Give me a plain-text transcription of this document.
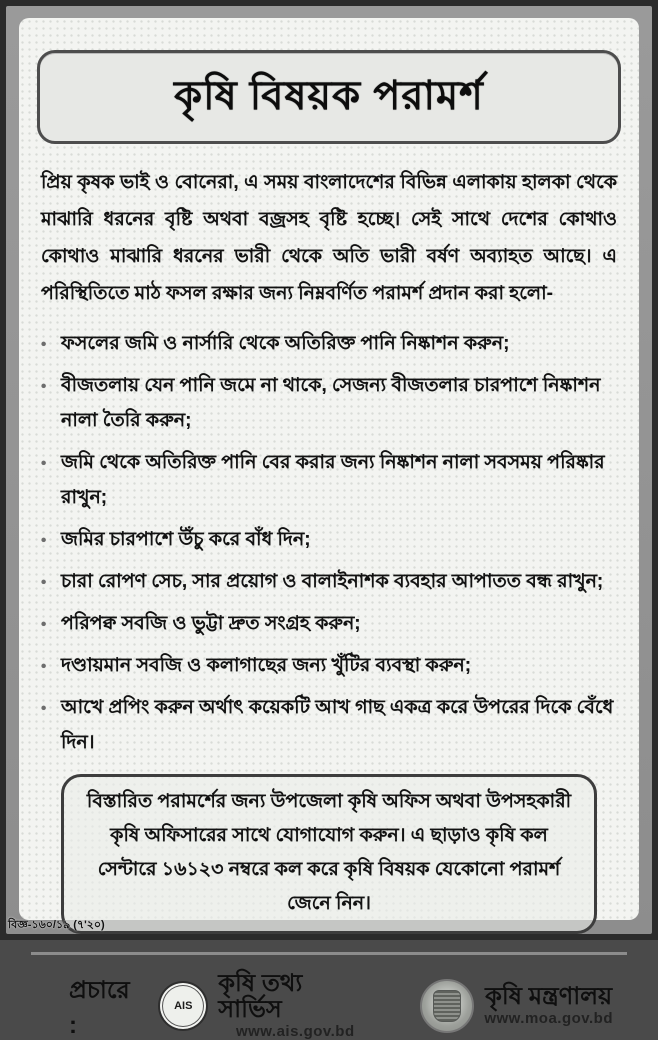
কৃষি বিষয়ক পরামর্শ

প্রিয় কৃষক ভাই ও বোনেরা, এ সময় বাংলাদেশের বিভিন্ন এলাকায় হালকা থেকে মাঝারি ধরনের বৃষ্টি অথবা বজ্রসহ বৃষ্টি হচ্ছে। সেই সাথে দেশের কোথাও কোথাও মাঝারি ধরনের ভারী থেকে অতি ভারী বর্ষণ অব্যাহত আছে। এ পরিস্থিতিতে মাঠ ফসল রক্ষার জন্য নিম্নবর্ণিত পরামর্শ প্রদান করা হলো-

• ফসলের জমি ও নার্সারি থেকে অতিরিক্ত পানি নিষ্কাশন করুন;
• বীজতলায় যেন পানি জমে না থাকে, সেজন্য বীজতলার চারপাশে নিষ্কাশন নালা তৈরি করুন;
• জমি থেকে অতিরিক্ত পানি বের করার জন্য নিষ্কাশন নালা সবসময় পরিষ্কার রাখুন;
• জমির চারপাশে উঁচু করে বাঁধ দিন;
• চারা রোপণ সেচ, সার প্রয়োগ ও বালাইনাশক ব্যবহার আপাতত বন্ধ রাখুন;
• পরিপক্ব সবজি ও ভুট্টা দ্রুত সংগ্রহ করুন;
• দণ্ডায়মান সবজি ও কলাগাছের জন্য খুঁটির ব্যবস্থা করুন;
• আখে প্রপিং করুন অর্থাৎ কয়েকটি আখ গাছ একত্র করে উপরের দিকে বেঁধে দিন।
বিস্তারিত পরামর্শের জন্য উপজেলা কৃষি অফিস অথবা উপসহকারী কৃষি অফিসারের সাথে যোগাযোগ করুন। এ ছাড়াও কৃষি কল সেন্টারে ১৬১২৩ নম্বরে কল করে কৃষি বিষয়ক যেকোনো পরামর্শ জেনে নিন।
প্রচারে :
AIS
কৃষি তথ্য সার্ভিস
www.ais.gov.bd
কৃষি মন্ত্রণালয়
www.moa.gov.bd
বিজ্ঞ-১৬০/১৯ (৭'২০)
